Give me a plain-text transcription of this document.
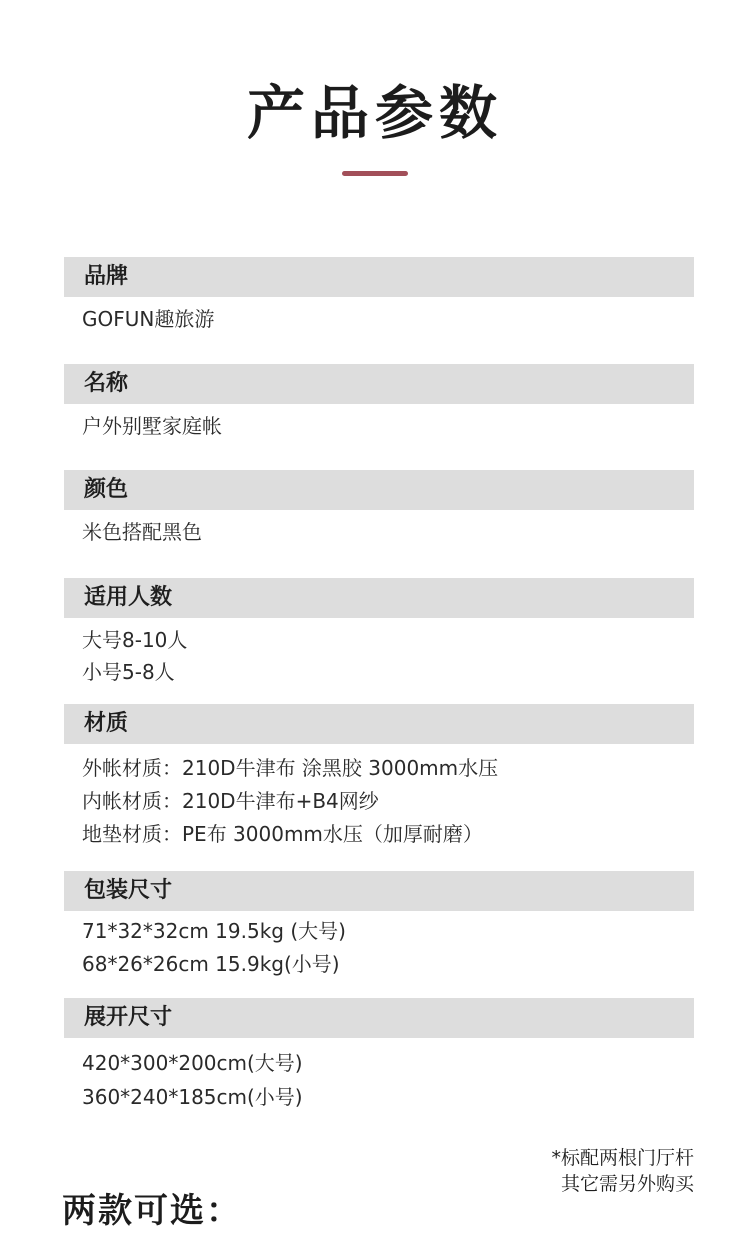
产品参数
品牌
GOFUN趣旅游
名称
户外别墅家庭帐
颜色
米色搭配黑色
适用人数
大号8-10人
小号5-8人
材质
外帐材质：210D牛津布 涂黑胶 3000mm水压
内帐材质：210D牛津布+B4网纱
地垫材质：PE布 3000mm水压（加厚耐磨）
包装尺寸
71*32*32cm 19.5kg (大号)
68*26*26cm 15.9kg(小号)
展开尺寸
420*300*200cm(大号)
360*240*185cm(小号)
*标配两根门厅杆
其它需另外购买
两款可选：
